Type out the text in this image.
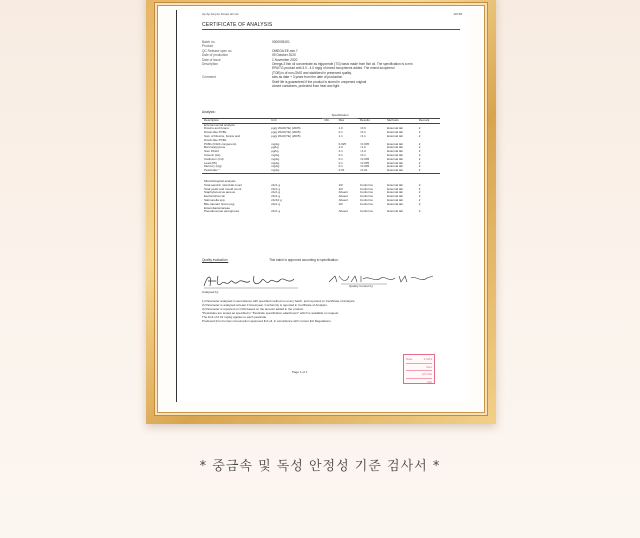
Ap Ap Ampco Fioopt Hri Ho	AR-58
CERTIFICATE OF ANALYSIS
Batch no.	0000005191
Product
QC Release spec no.	OMEGA EE.mm.7
Date of production	09 October 2020
Date of issue	1 November 2020
Description	Omega-3 fish oil concentrate as triglyceride (TG) basis made from fish oil. The specification is a min
EPA/TG product with 3.0 - 4.0 mg/g of mixed tocopherols added. The mixed tocopherol
(TOB) is of non-GMO and stabilized in preserved quality.
Comment	sets as date + 3 years from the date of production
Shelf life is guaranteed if the product is stored in unopened original
closed containers, protected from heat and light.
Analysis:
		Specification				
Description	Unit	Min	Max	Results	Methods	Remark
Environmental analysis						
Dioxins and furans	pg/g WHO(TE) (2005)		1.0	<0.6	External lab	2
Dioxin-like PCBs	pg/g WHO(TE) (2005)		0.1	<0.1	External lab	2
Sum of Dioxins, furans and	pg/g WHO(TE) (2005)		1.1	<1.1	External lab	2
Dioxin-like PCBs						
PCBs (ICES congeners)	mg/kg		0.025	<0.005	External lab	2
Benzo(a)pyrene	µg/kg		2.0	<1.0	External lab	2
Sum PAH4	µg/kg		2.1	<1.0	External lab	2
Arsenic (As)	mg/kg		0.1	<0.1	External lab	2
Cadmium (Cd)	mg/kg		0.1	<0.005	External lab	2
Lead (Pb)	mg/kg		0.1	<0.005	External lab	2
Mercury (Hg)	mg/kg		0.1	<0.005	External lab	2
Pesticides *	mg/kg		0.01	<0.01	External lab	2

Microbiological analysis						
Total aerobic microbial count	cfu/1 g		10³	Conforms	External lab	2
Total yeast and mould count	cfu/1 g		10²	Conforms	External lab	2
Staphylococcus aureus	cfu/1 g		Absent	Conforms	External lab	2
Escherichia coli	cfu/1 g		Absent	Conforms	External lab	2
Salmonella spp.	cfu/10 g		Absent	Conforms	External lab	2
Bile-tolerant Gram-neg.	cfu/1 g		10²	Conforms	External lab	2
Enterobacteriaceae						
Pseudomonas aeruginosa	cfu/1 g		Absent	Conforms	External lab	2
Quality evaluation:	This batch is approved according to specification.
Analysed by
Quality Control by
1) Parameter analysed in accordance with specified method on every batch, and reported on Certificate of Analysis.
2) Parameter is analysed at least 3 times/year. Conformity is reported in Certificate of Analysis.
3) Parameter is reported on COA based on the amount added in the product.
*Pesticides are tested as specified in "Pesticide specification attachment" which is available on request.
The limit of 0.01 mg/kg applies to each pesticide.
Produced from human consumption approved fish oil, in accordance with current EU Regulations.
Page 1 of 1
Date	2.02/3
Vers
QC Rel
Rel
* 중금속 및 독성 안정성 기준 검사서 *
